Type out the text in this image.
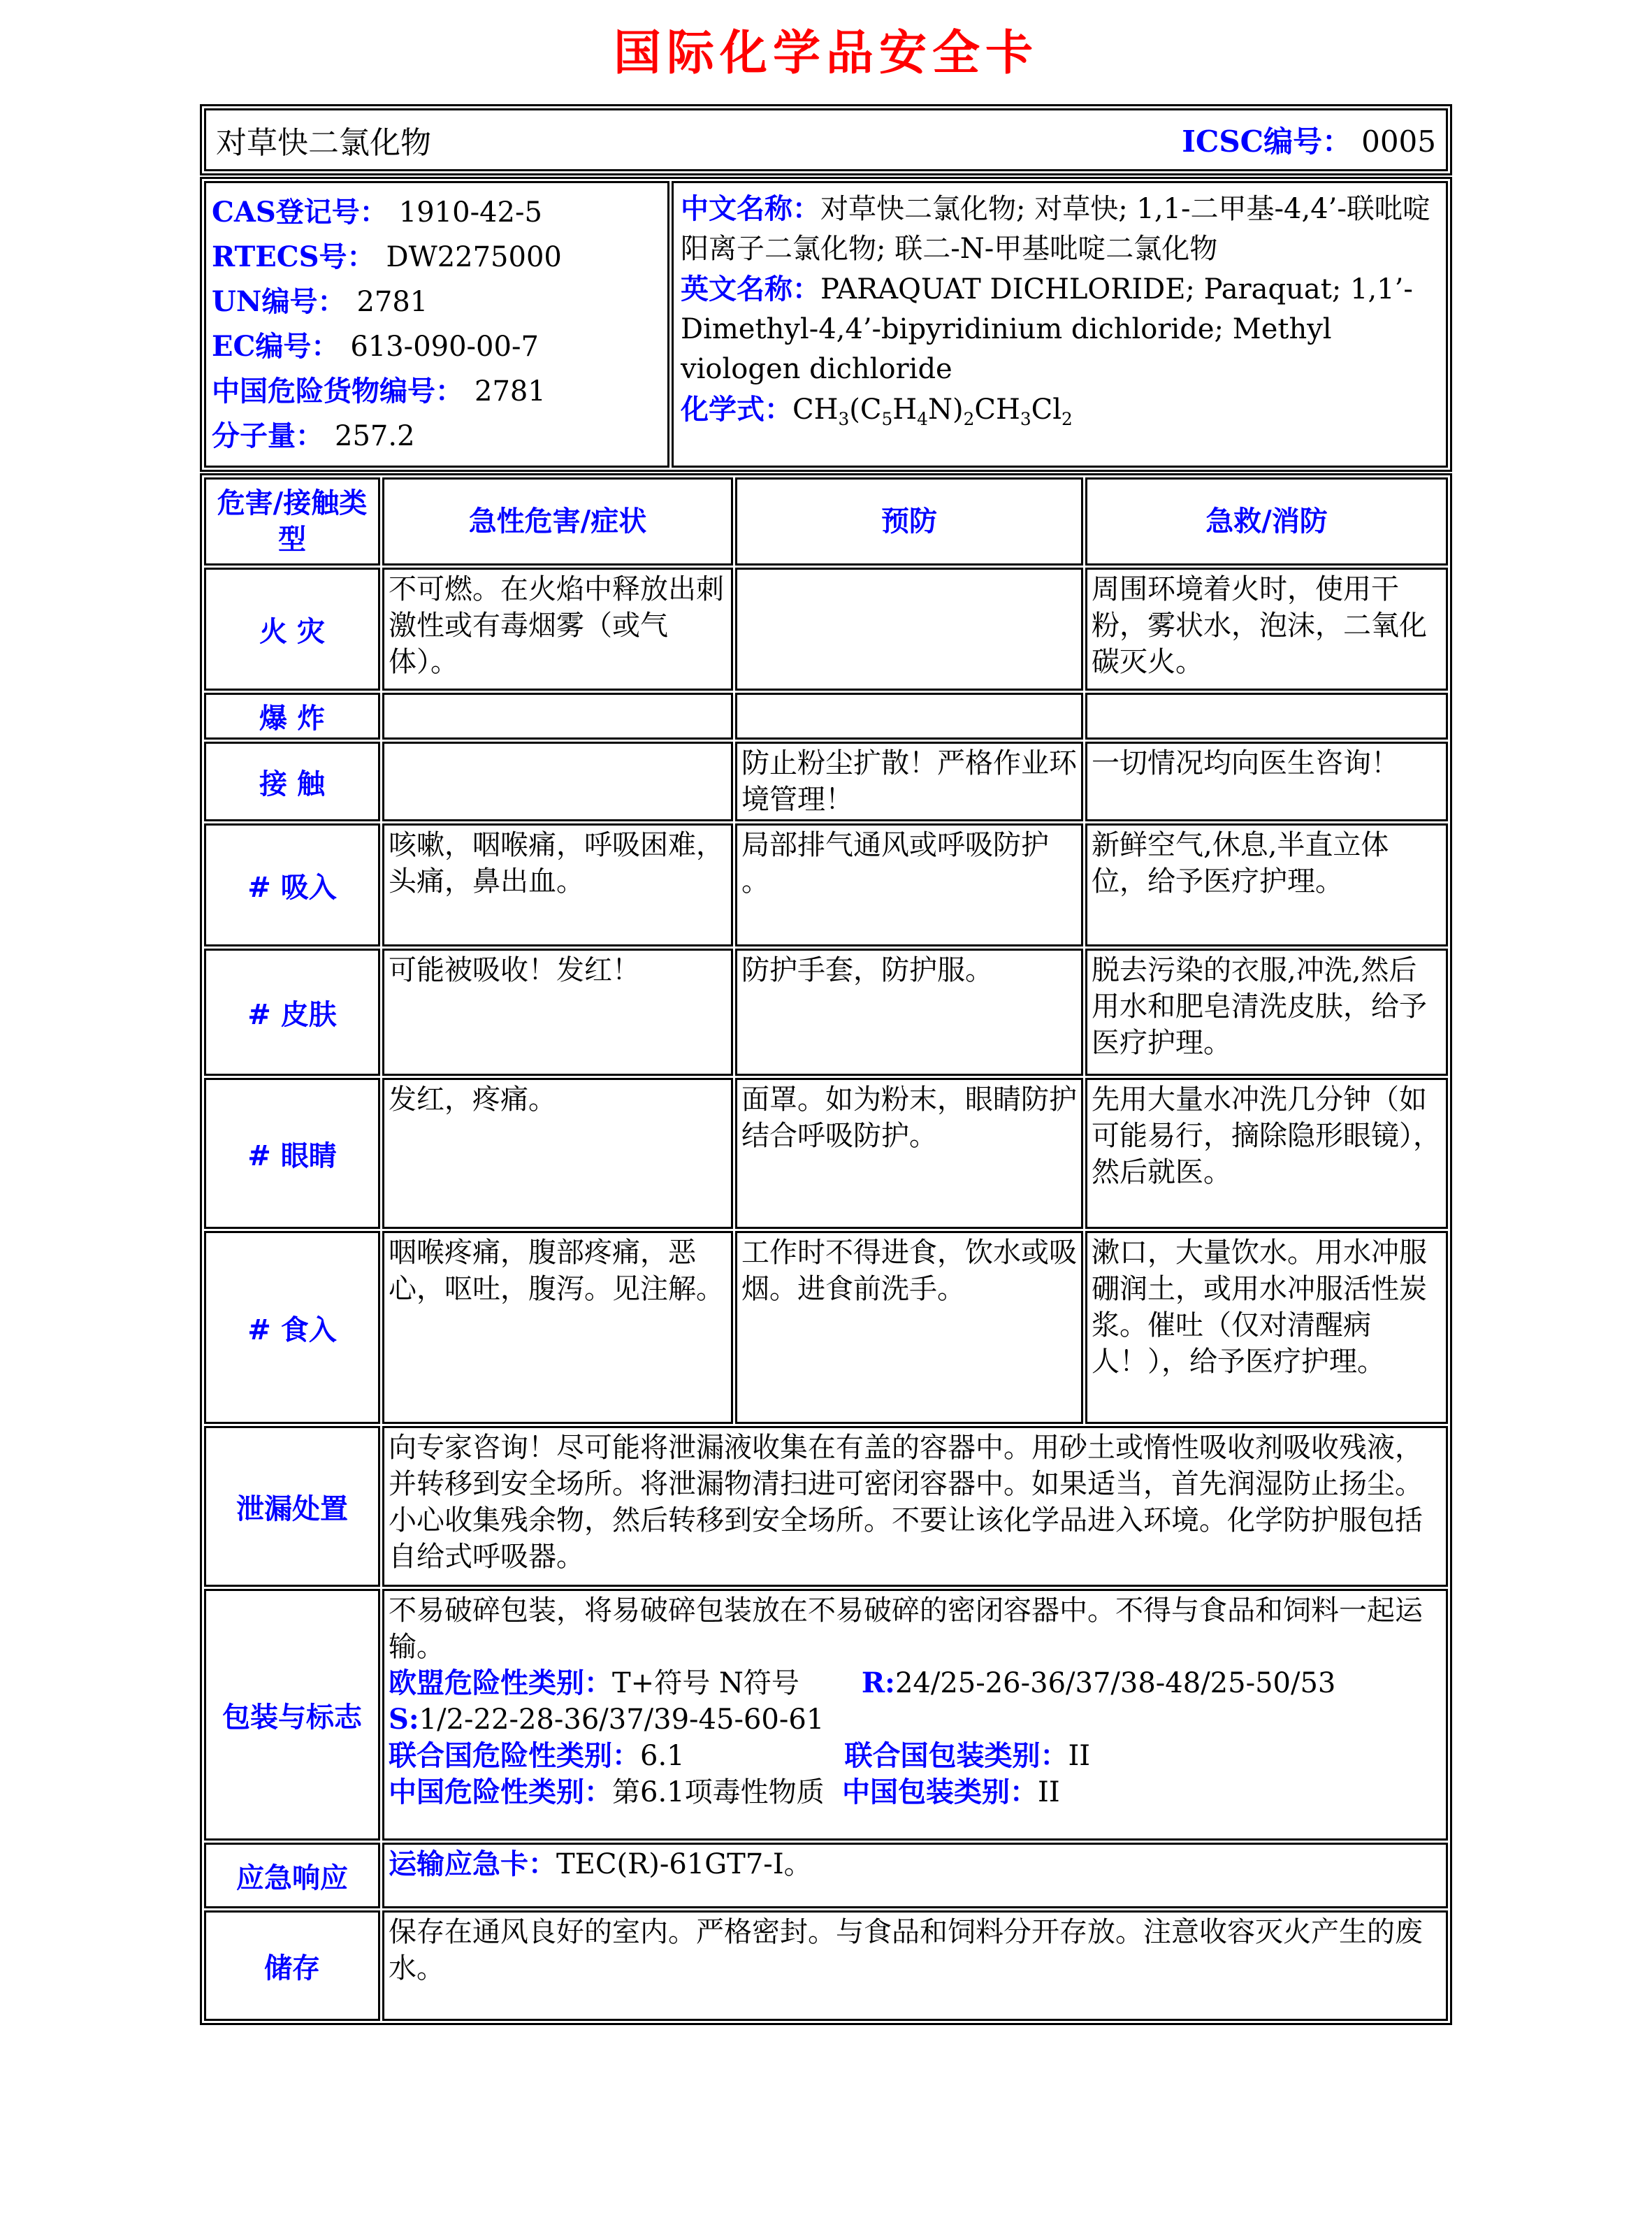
国际化学品安全卡
对草快二氯化物	ICSC编号： 0005
CAS登记号： 1910-42-5
RTECS号： DW2275000
UN编号： 2781
EC编号： 613-090-00-7
中国危险货物编号： 2781
分子量： 257.2

中文名称：对草快二氯化物; 对草快; 1,1-二甲基-4,4’-联吡啶阳离子二氯化物; 联二-N-甲基吡啶二氯化物
英文名称：PARAQUAT DICHLORIDE; Paraquat; 1,1’-Dimethyl-4,4’-bipyridinium dichloride; Methyl viologen dichloride
化学式：$CH_3(C_5H_4N)_2CH_3Cl_2$
危害/接触类型	急性危害/症状	预防	急救/消防
火 灾	不可燃。在火焰中释放出刺激性或有毒烟雾（或气体）。		周围环境着火时，使用干粉，雾状水，泡沫，二氧化碳灭火。
爆 炸			
接 触		防止粉尘扩散！严格作业环境管理！	一切情况均向医生咨询！
# 吸入	咳嗽，咽喉痛，呼吸困难，头痛，鼻出血。	局部排气通风或呼吸防护  。	新鲜空气,休息,半直立体位，给予医疗护理。
# 皮肤	可能被吸收！发红！	防护手套，防护服。	脱去污染的衣服,冲洗,然后用水和肥皂清洗皮肤，给予医疗护理。
# 眼睛	发红，疼痛。	面罩。如为粉末，眼睛防护结合呼吸防护。	先用大量水冲洗几分钟（如可能易行，摘除隐形眼镜），然后就医。
# 食入	咽喉疼痛，腹部疼痛，恶心，呕吐，腹泻。见注解。	工作时不得进食，饮水或吸烟。进食前洗手。	漱口，大量饮水。用水冲服硼润土，或用水冲服活性炭浆。催吐（仅对清醒病人！），给予医疗护理。
泄漏处置	向专家咨询！尽可能将泄漏液收集在有盖的容器中。用砂土或惰性吸收剂吸收残液，并转移到安全场所。将泄漏物清扫进可密闭容器中。如果适当，首先润湿防止扬尘。小心收集残余物，然后转移到安全场所。不要让该化学品进入环境。化学防护服包括自给式呼吸器。		

包装与标志	不易破碎包装，将易破碎包装放在不易破碎的密闭容器中。不得与食品和饲料一起运输。
欧盟危险性类别：T+符号 N符号       R:24/25-26-36/37/38-48/25-50/53
S:1/2-22-28-36/37/39-45-60-61
联合国危险性类别：6.1                  联合国包装类别：II
中国危险性类别：第6.1项毒性物质  中国包装类别：II		

应急响应	运输应急卡：TEC(R)-61GT7-I。		

储存	保存在通风良好的室内。严格密封。与食品和饲料分开存放。注意收容灭火产生的废水。		
